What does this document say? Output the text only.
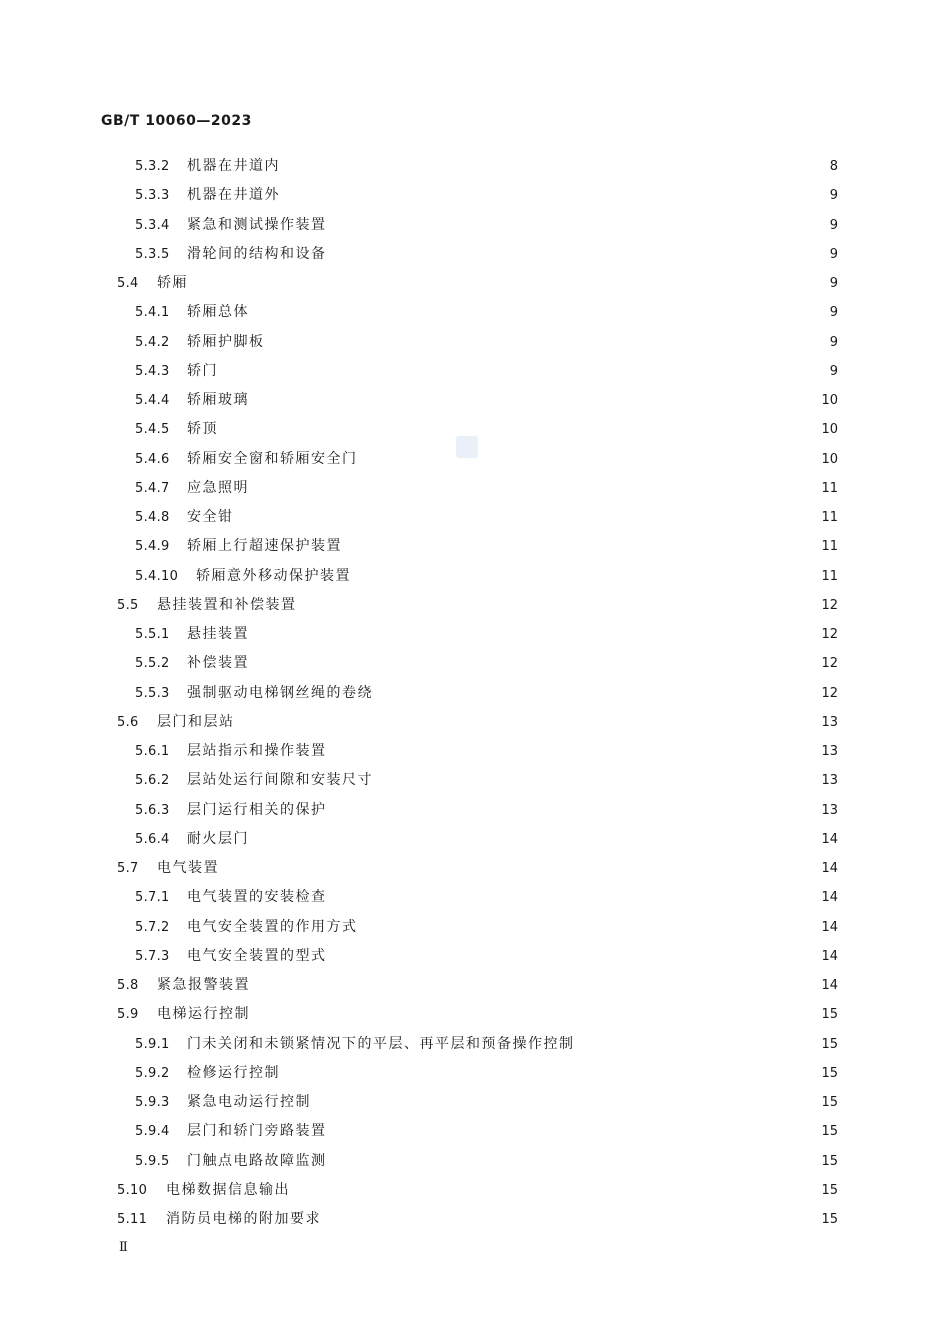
GB/T 10060—2023
5.3.2 机器在井道内	8
5.3.3 机器在井道外	9
5.3.4 紧急和测试操作装置	9
5.3.5 滑轮间的结构和设备	9
5.4 轿厢	9
5.4.1 轿厢总体	9
5.4.2 轿厢护脚板	9
5.4.3 轿门	9
5.4.4 轿厢玻璃	10
5.4.5 轿顶	10
5.4.6 轿厢安全窗和轿厢安全门	10
5.4.7 应急照明	11
5.4.8 安全钳	11
5.4.9 轿厢上行超速保护装置	11
5.4.10 轿厢意外移动保护装置	11
5.5 悬挂装置和补偿装置	12
5.5.1 悬挂装置	12
5.5.2 补偿装置	12
5.5.3 强制驱动电梯钢丝绳的卷绕	12
5.6 层门和层站	13
5.6.1 层站指示和操作装置	13
5.6.2 层站处运行间隙和安装尺寸	13
5.6.3 层门运行相关的保护	13
5.6.4 耐火层门	14
5.7 电气装置	14
5.7.1 电气装置的安装检查	14
5.7.2 电气安全装置的作用方式	14
5.7.3 电气安全装置的型式	14
5.8 紧急报警装置	14
5.9 电梯运行控制	15
5.9.1 门未关闭和未锁紧情况下的平层、再平层和预备操作控制	15
5.9.2 检修运行控制	15
5.9.3 紧急电动运行控制	15
5.9.4 层门和轿门旁路装置	15
5.9.5 门触点电路故障监测	15
5.10 电梯数据信息输出	15
5.11 消防员电梯的附加要求	15
Ⅱ
